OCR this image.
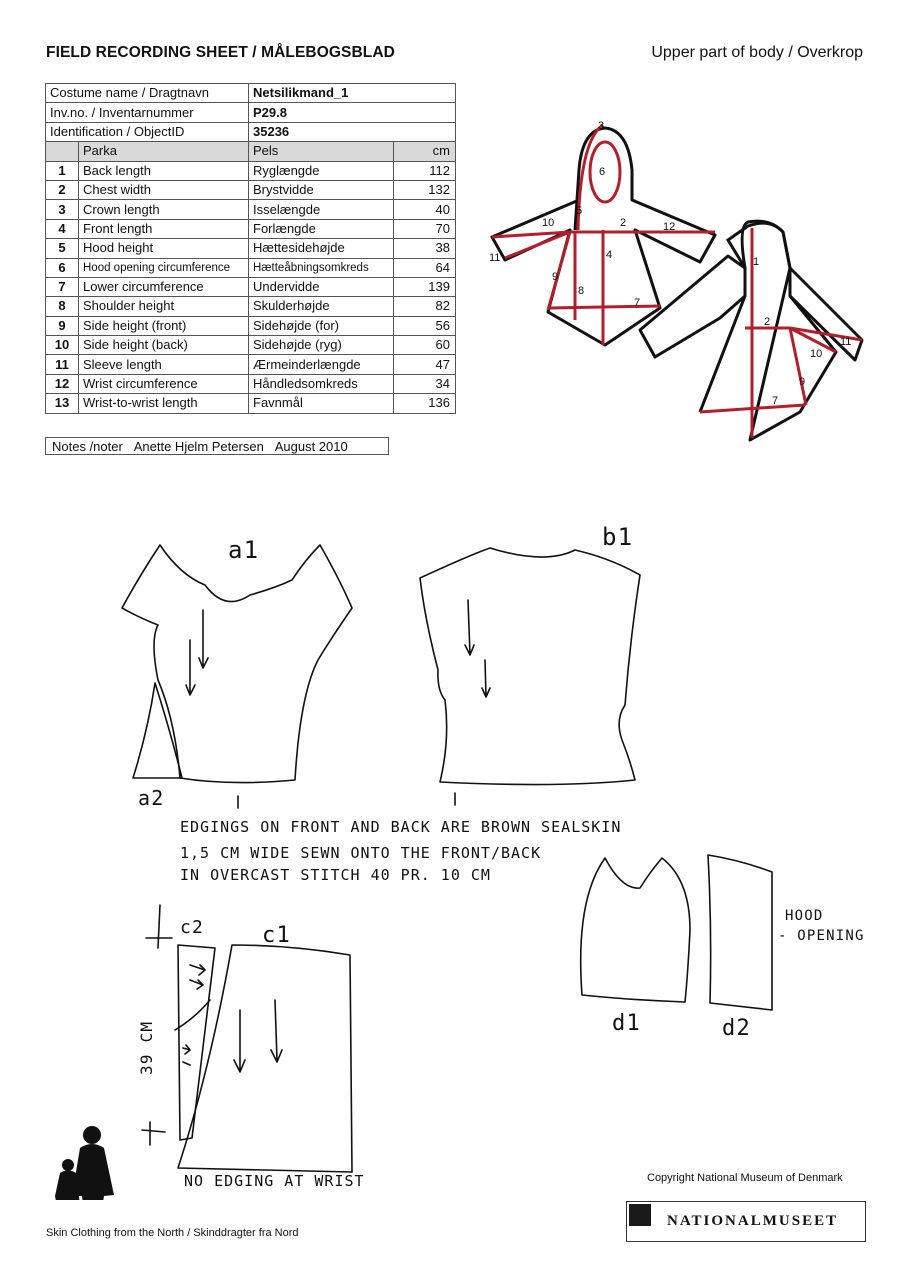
FIELD RECORDING SHEET / MÅLEBOGSBLAD	Upper part of body / Overkrop
Costume name / Dragtnavn		Netsilikmand_1	
Inv.no. / Inventarnummer		P29.8	
Identification / ObjectID		35236	
	Parka	Pels	cm
1	Back length	Ryglængde	112
2	Chest width	Brystvidde	132
3	Crown length	Isselængde	40
4	Front length	Forlængde	70
5	Hood height	Hættesidehøjde	38
6	Hood opening circumference	Hætteåbningsomkreds	64
7	Lower circumference	Undervidde	139
8	Shoulder height	Skulderhøjde	82
9	Side height (front)	Sidehøjde (for)	56
10	Side height (back)	Sidehøjde (ryg)	60
11	Sleeve length	Ærmeinderlængde	47
12	Wrist circumference	Håndledsomkreds	34
13	Wrist-to-wrist length	Favnmål	136
Notes /noter Anette Hjelm Petersen August 2010
3
6
5
2	12
10
11	4
9
8
7
1
2
11
10
9
7
a1
a2
b1
EDGINGS ON FRONT AND BACK ARE BROWN SEALSKIN
1,5 CM WIDE SEWN ONTO THE FRONT/BACK
IN OVERCAST STITCH 40 PR. 10 CM
c1
c2
39 CM	d1	d2
HOOD
- OPENING
NO EDGING AT WRIST	Copyright National Museum of Denmark
NATIONALMUSEET
Skin Clothing from the North / Skinddragter fra Nord
